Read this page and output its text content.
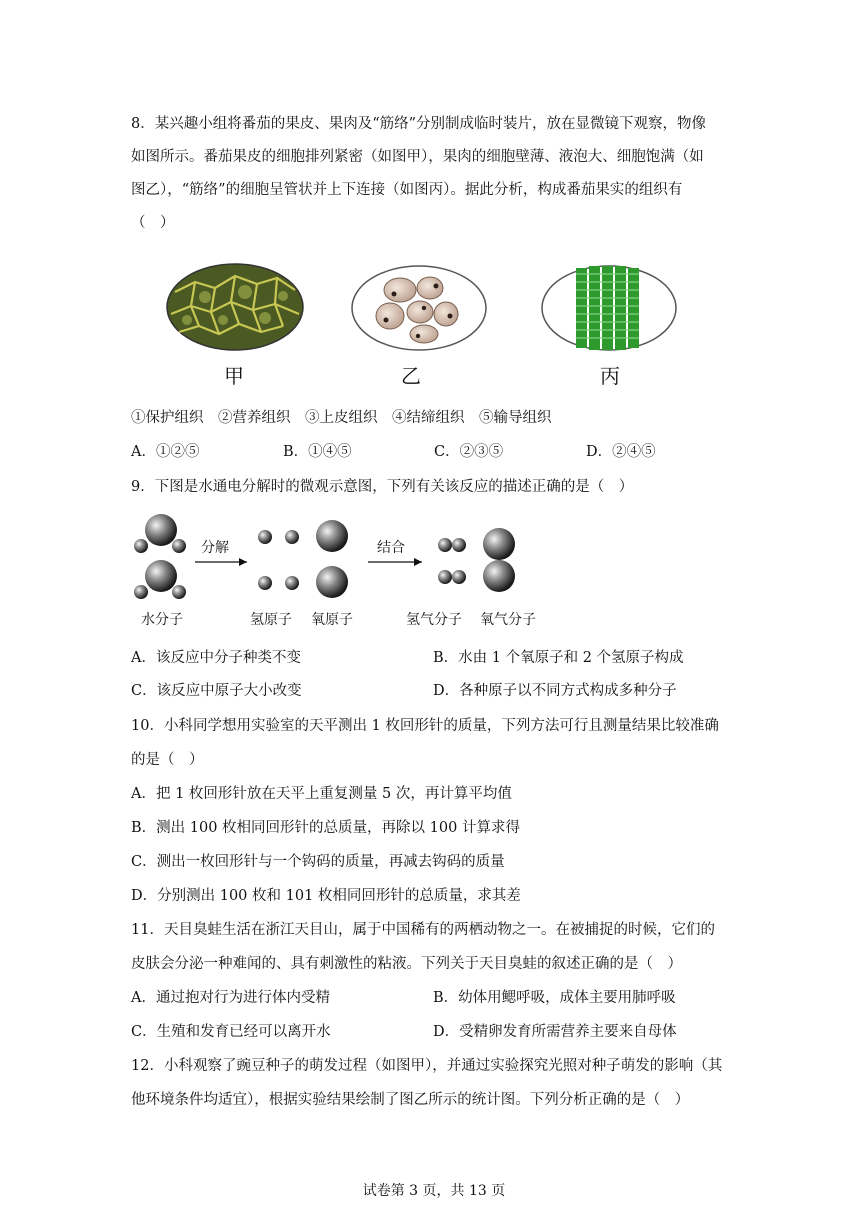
8．某兴趣小组将番茄的果皮、果肉及“筋络”分别制成临时装片，放在显微镜下观察，物像
如图所示。番茄果皮的细胞排列紧密（如图甲），果肉的细胞壁薄、液泡大、细胞饱满（如
图乙），“筋络”的细胞呈管状并上下连接（如图丙）。据此分析，构成番茄果实的组织有
（　）
甲	乙	丙
①保护组织　②营养组织　③上皮组织　④结缔组织　⑤输导组织
A．①②⑤	B．①④⑤	C．②③⑤	D．②④⑤
9．下图是水通电分解时的微观示意图，下列有关该反应的描述正确的是（　）
分解	结合
水分子	氢原子 氧原子	氢气分子 氧气分子
A．该反应中分子种类不变	B．水由 1 个氧原子和 2 个氢原子构成
C．该反应中原子大小改变	D．各种原子以不同方式构成多种分子
10．小科同学想用实验室的天平测出 1 枚回形针的质量，下列方法可行且测量结果比较准确
的是（　）
A．把 1 枚回形针放在天平上重复测量 5 次，再计算平均值
B．测出 100 枚相同回形针的总质量，再除以 100 计算求得
C．测出一枚回形针与一个钩码的质量，再减去钩码的质量
D．分别测出 100 枚和 101 枚相同回形针的总质量，求其差
11．天目臭蛙生活在浙江天目山，属于中国稀有的两栖动物之一。在被捕捉的时候，它们的
皮肤会分泌一种难闻的、具有刺激性的粘液。下列关于天目臭蛙的叙述正确的是（　）
A．通过抱对行为进行体内受精	B．幼体用鳃呼吸，成体主要用肺呼吸
C．生殖和发育已经可以离开水	D．受精卵发育所需营养主要来自母体
12．小科观察了豌豆种子的萌发过程（如图甲），并通过实验探究光照对种子萌发的影响（其
他环境条件均适宜），根据实验结果绘制了图乙所示的统计图。下列分析正确的是（　）
试卷第 3 页，共 13 页
